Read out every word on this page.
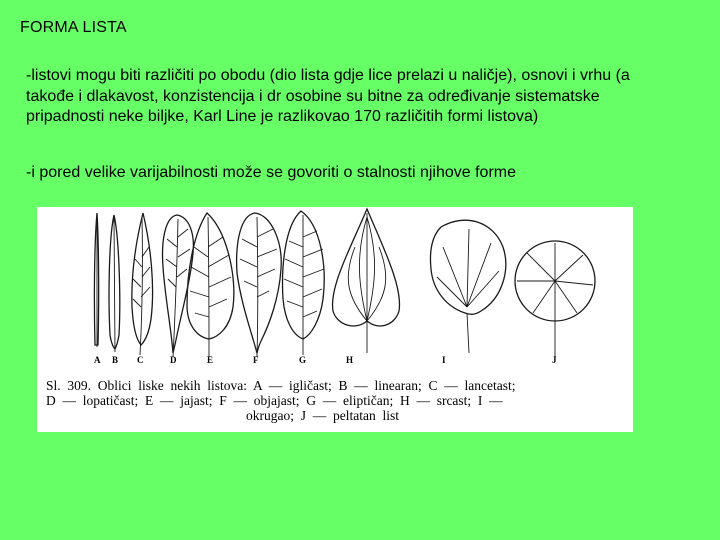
FORMA LISTA
-listovi mogu biti različiti po obodu (dio lista gdje lice prelazi u naličje), osnovi i vrhu (a takođe i dlakavost, konzistencija i dr osobine su bitne za određivanje sistematske pripadnosti neke biljke, Karl Line je razlikovao 170 različitih formi listova)
-i pored velike varijabilnosti može se govoriti o stalnosti njihove forme
A B C	D	E	F	G	H	I	J
Sl.  309.  Oblici  liske  nekih  listova:  A  —  igličast;  B  —  linearan;  C  —  lancetast;
D  —  lopatičast;  E  —  jajast;  F  —  objajast;  G  —  eliptičan;  H  —  srcast;  I  —
okrugao;  J  —  peltatan  list
